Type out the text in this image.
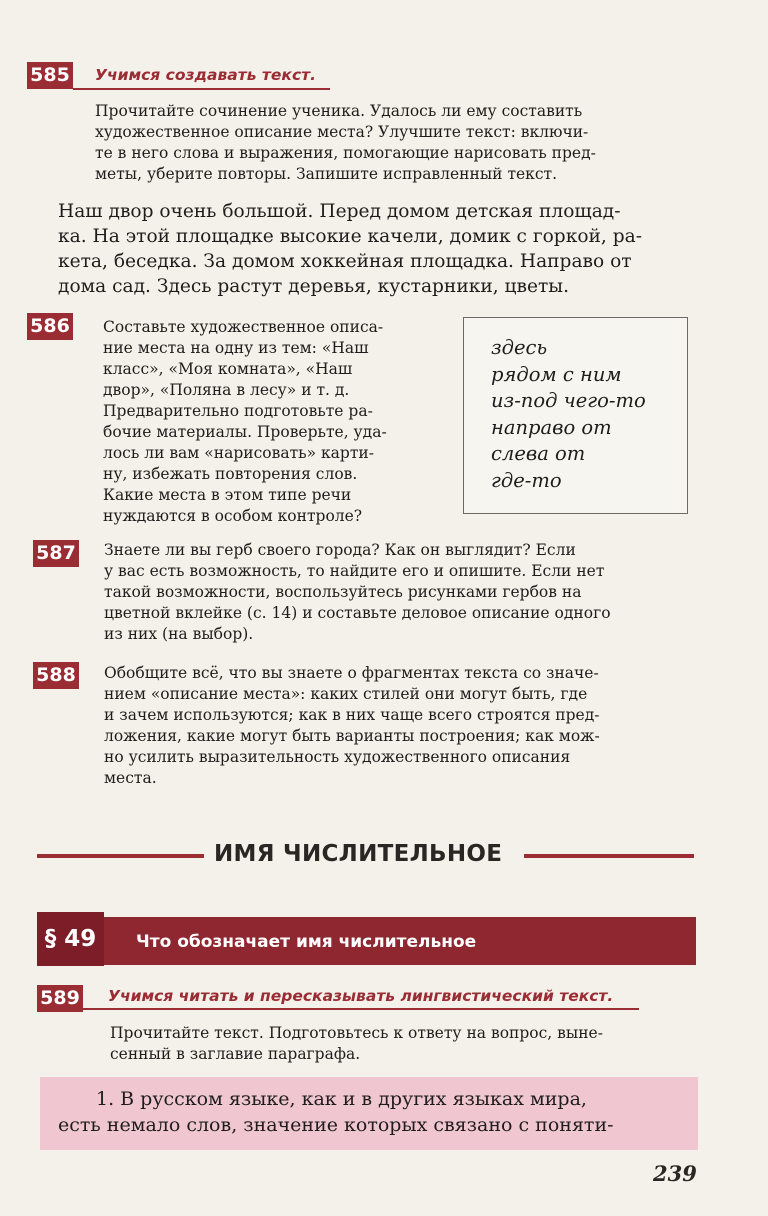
585 Учимся создавать текст.
Прочитайте сочинение ученика. Удалось ли ему составить
художественное описание места? Улучшите текст: включи-
те в него слова и выражения, помогающие нарисовать пред-
меты, уберите повторы. Запишите исправленный текст.
Наш двор очень большой. Перед домом детская площад-
ка. На этой площадке высокие качели, домик с горкой, ра-
кета, беседка. За домом хоккейная площадка. Направо от
дома сад. Здесь растут деревья, кустарники, цветы.
586 Составьте художественное описа-
ние места на одну из тем: «Наш
класс», «Моя комната», «Наш
двор», «Поляна в лесу» и т. д.
Предварительно подготовьте ра-
бочие материалы. Проверьте, уда-
лось ли вам «нарисовать» карти-
ну, избежать повторения слов.
Какие места в этом типе речи
нуждаются в особом контроле?
здесь
рядом с ним
из-под чего-то
направо от
слева от
где-то
587 Знаете ли вы герб своего города? Как он выглядит? Если
у вас есть возможность, то найдите его и опишите. Если нет
такой возможности, воспользуйтесь рисунками гербов на
цветной вклейке (с. 14) и составьте деловое описание одного
из них (на выбор).
588 Обобщите всё, что вы знаете о фрагментах текста со значе-
нием «описание места»: каких стилей они могут быть, где
и зачем используются; как в них чаще всего строятся пред-
ложения, какие могут быть варианты построения; как мож-
но усилить выразительность художественного описания
места.
ИМЯ ЧИСЛИТЕЛЬНОЕ
§ 49	Что обозначает имя числительное
589 Учимся читать и пересказывать лингвистический текст.
Прочитайте текст. Подготовьтесь к ответу на вопрос, выне-
сенный в заглавие параграфа.
1. В русском языке, как и в других языках мира,
есть немало слов, значение которых связано с поняти-
239
